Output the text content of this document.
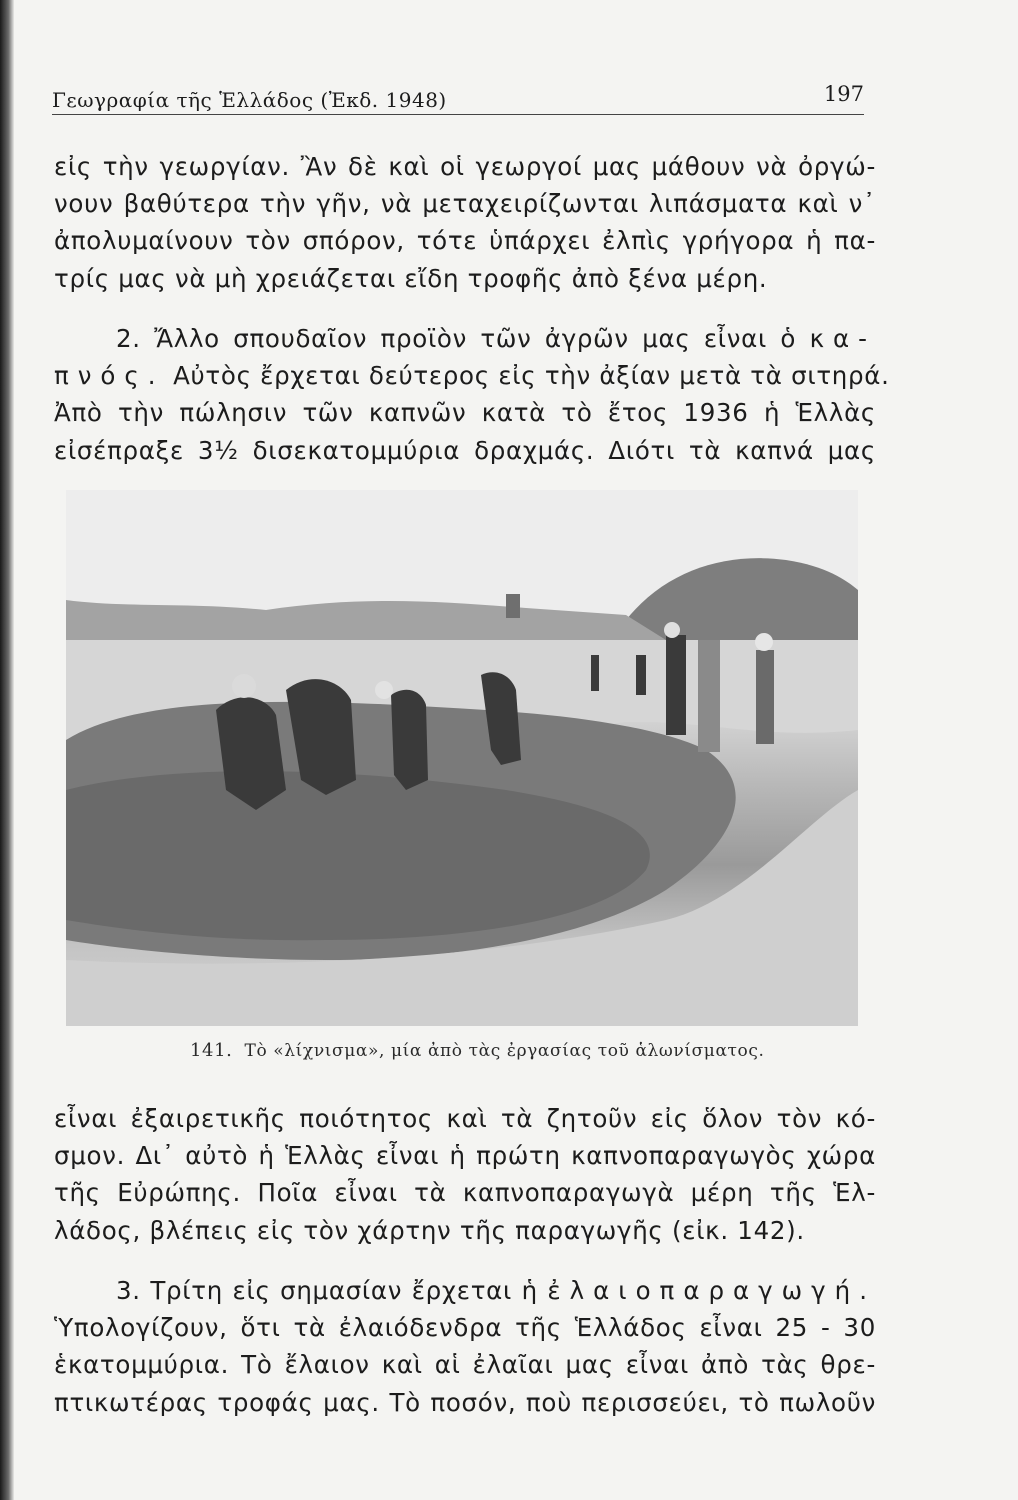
Γεωγραφία τῆς Ἑλλάδος (Ἐκδ. 1948)	197
εἰς τὴν γεωργίαν. Ἂν δὲ καὶ οἱ γεωργοί μας μάθουν νὰ ὀργώ-
νουν βαθύτερα τὴν γῆν, νὰ μεταχειρίζωνται λιπάσματα καὶ ν᾽
ἀπολυμαίνουν τὸν σπόρον, τότε ὑπάρχει ἐλπὶς γρήγορα ἡ πα-
τρίς μας νὰ μὴ χρειάζεται εἴδη τροφῆς ἀπὸ ξένα μέρη.
2. Ἄλλο σπουδαῖον προϊὸν τῶν ἀγρῶν μας εἶναι ὁ κα-
πνός. Αὐτὸς ἔρχεται δεύτερος εἰς τὴν ἀξίαν μετὰ τὰ σιτηρά.
Ἀπὸ τὴν πώλησιν τῶν καπνῶν κατὰ τὸ ἔτος 1936 ἡ Ἑλλὰς
εἰσέπραξε 3½ δισεκατομμύρια δραχμάς. Διότι τὰ καπνά μας
141. Τὸ «λίχνισμα», μία ἀπὸ τὰς ἐργασίας τοῦ ἁλωνίσματος.
εἶναι ἐξαιρετικῆς ποιότητος καὶ τὰ ζητοῦν εἰς ὅλον τὸν κό-
σμον. Δι᾽ αὐτὸ ἡ Ἑλλὰς εἶναι ἡ πρώτη καπνοπαραγωγὸς χώρα
τῆς Εὐρώπης. Ποῖα εἶναι τὰ καπνοπαραγωγὰ μέρη τῆς Ἑλ-
λάδος, βλέπεις εἰς τὸν χάρτην τῆς παραγωγῆς (εἰκ. 142).
3. Τρίτη εἰς σημασίαν ἔρχεται ἡ ἐλαιοπαραγωγή.
Ὑπολογίζουν, ὅτι τὰ ἐλαιόδενδρα τῆς Ἑλλάδος εἶναι 25 - 30
ἑκατομμύρια. Τὸ ἔλαιον καὶ αἱ ἐλαῖαι μας εἶναι ἀπὸ τὰς θρε-
πτικωτέρας τροφάς μας. Τὸ ποσόν, ποὺ περισσεύει, τὸ πωλοῦν
